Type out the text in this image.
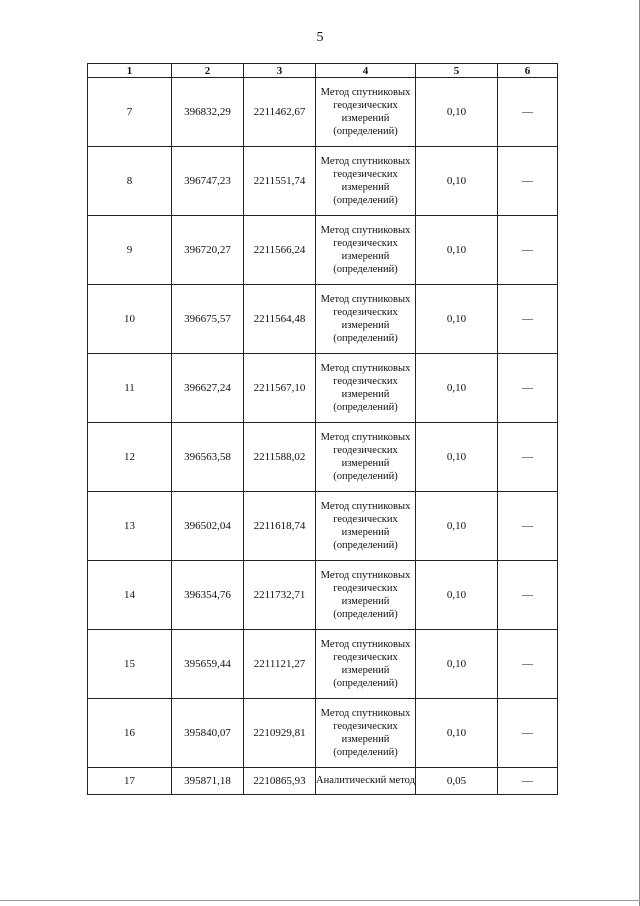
5
1	2	3	4	5	6
7	396832,29	2211462,67	Метод спутниковых геодезических измерений (определений)	0,10	—
8	396747,23	2211551,74	Метод спутниковых геодезических измерений (определений)	0,10	—
9	396720,27	2211566,24	Метод спутниковых геодезических измерений (определений)	0,10	—
10	396675,57	2211564,48	Метод спутниковых геодезических измерений (определений)	0,10	—
11	396627,24	2211567,10	Метод спутниковых геодезических измерений (определений)	0,10	—
12	396563,58	2211588,02	Метод спутниковых геодезических измерений (определений)	0,10	—
13	396502,04	2211618,74	Метод спутниковых геодезических измерений (определений)	0,10	—
14	396354,76	2211732,71	Метод спутниковых геодезических измерений (определений)	0,10	—
15	395659,44	2211121,27	Метод спутниковых геодезических измерений (определений)	0,10	—
16	395840,07	2210929,81	Метод спутниковых геодезических измерений (определений)	0,10	—
17	395871,18	2210865,93	Аналитический метод	0,05	—
